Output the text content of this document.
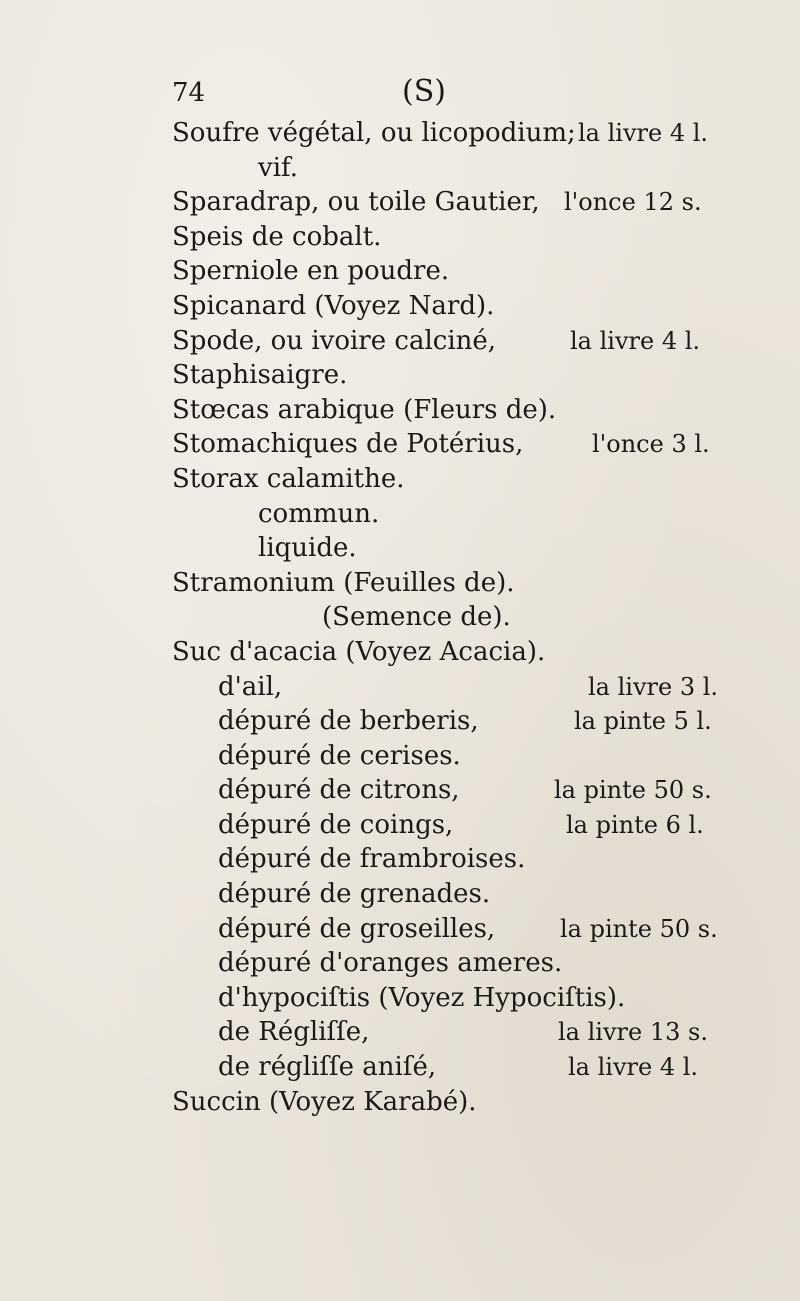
74	(S)
Soufre végétal, ou licopodium; la livre 4 l.
vif.
Sparadrap, ou toile Gautier, l'once 12 s.
Speis de cobalt.
Sperniole en poudre.
Spicanard (Voyez Nard).
Spode, ou ivoire calciné,	la livre 4 l.
Staphisaigre.
Stœcas arabique (Fleurs de).
Stomachiques de Potérius,	l'once 3 l.
Storax calamithe.
commun.
liquide.
Stramonium (Feuilles de).
(Semence de).
Suc d'acacia (Voyez Acacia).
d'ail,	la livre 3 l.
dépuré de berberis,	la pinte 5 l.
dépuré de cerises.
dépuré de citrons,	la pinte 50 s.
dépuré de coings,	la pinte 6 l.
dépuré de frambroises.
dépuré de grenades.
dépuré de groseilles,	la pinte 50 s.
dépuré d'oranges ameres.
d'hypociſtis (Voyez Hypociſtis).
de Régliſſe,	la livre 13 s.
de régliſſe aniſé,	la livre 4 l.
Succin (Voyez Karabé).
